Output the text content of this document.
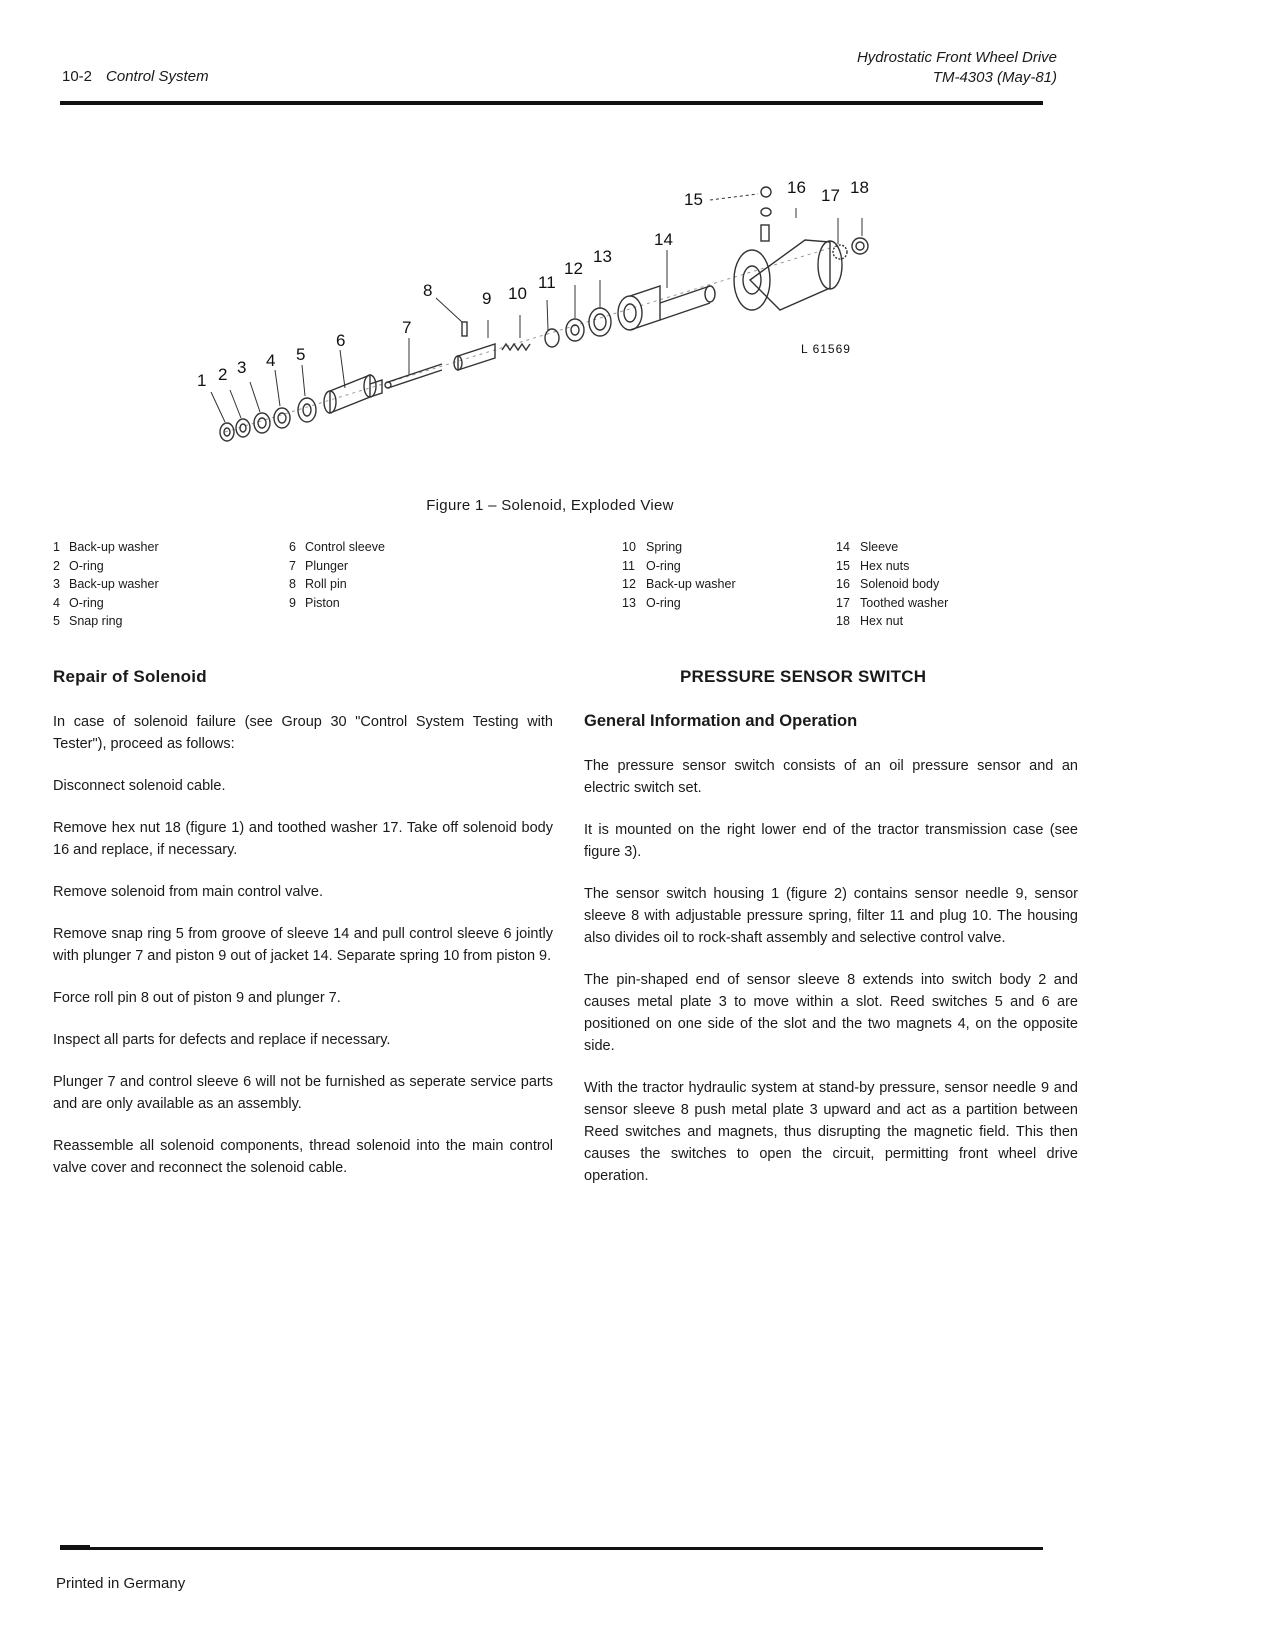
10-2 Control System
Hydrostatic Front Wheel Drive
TM-4303 (May-81)
1 2 3 4 5
6
7
8	9 10
11
12
13
14
15
16 17 18
L 61569
Figure 1 – Solenoid, Exploded View
1 Back-up washer
2 O-ring
3 Back-up washer
4 O-ring
5 Snap ring
6 Control sleeve
7 Plunger
8 Roll pin
9 Piston
10 Spring
11 O-ring
12 Back-up washer
13 O-ring
14 Sleeve
15 Hex nuts
16 Solenoid body
17 Toothed washer
18 Hex nut
Repair of Solenoid

In case of solenoid failure (see Group 30 "Control System Testing with Tester"), proceed as follows:

Disconnect solenoid cable.

Remove hex nut 18 (figure 1) and toothed washer 17. Take off solenoid body 16 and replace, if necessary.

Remove solenoid from main control valve.

Remove snap ring 5 from groove of sleeve 14 and pull control sleeve 6 jointly with plunger 7 and piston 9 out of jacket 14. Separate spring 10 from piston 9.

Force roll pin 8 out of piston 9 and plunger 7.

Inspect all parts for defects and replace if necessary.

Plunger 7 and control sleeve 6 will not be furnished as seperate service parts and are only available as an assembly.

Reassemble all solenoid components, thread solenoid into the main control valve cover and reconnect the solenoid cable.

PRESSURE SENSOR SWITCH
General Information and Operation

The pressure sensor switch consists of an oil pressure sensor and an electric switch set.

It is mounted on the right lower end of the tractor transmission case (see figure 3).

The sensor switch housing 1 (figure 2) contains sensor needle 9, sensor sleeve 8 with adjustable pressure spring, filter 11 and plug 10. The housing also divides oil to rock-shaft assembly and selective control valve.

The pin-shaped end of sensor sleeve 8 extends into switch body 2 and causes metal plate 3 to move within a slot. Reed switches 5 and 6 are positioned on one side of the slot and the two magnets 4, on the opposite side.

With the tractor hydraulic system at stand-by pressure, sensor needle 9 and sensor sleeve 8 push metal plate 3 upward and act as a partition between Reed switches and magnets, thus disrupting the magnetic field. This then causes the switches to open the circuit, permitting front wheel drive operation.

Printed in Germany
